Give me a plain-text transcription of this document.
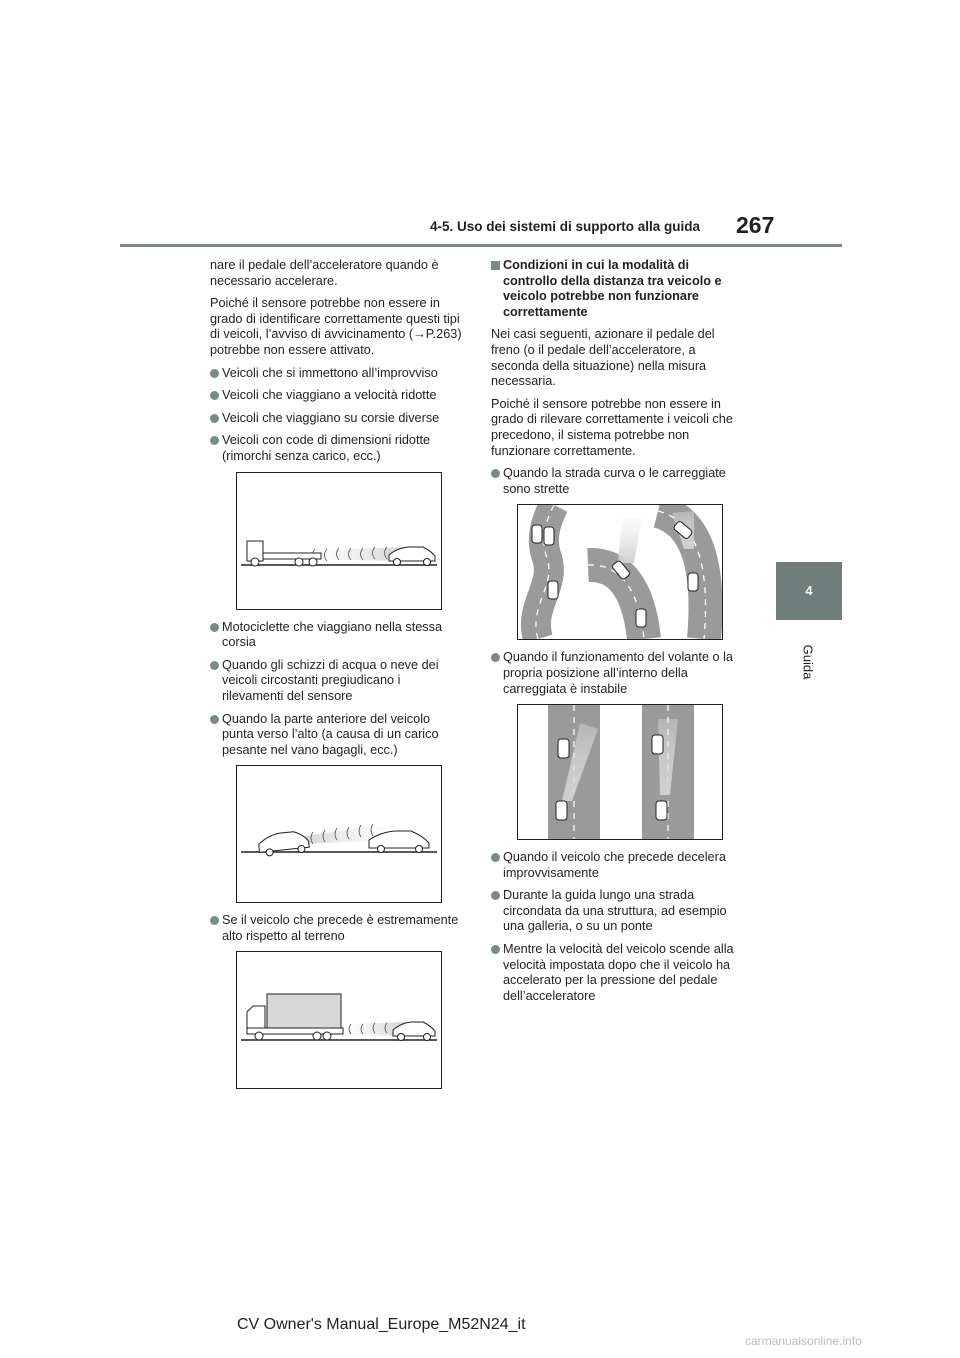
4-5. Uso dei sistemi di supporto alla guida 267
4
Guida

nare il pedale dell’acceleratore quando è necessario accelerare.

Poiché il sensore potrebbe non essere in grado di identificare correttamente questi tipi di veicoli, l’avviso di avvicinamento (→P.263) potrebbe non essere attivato.

Veicoli che si immettono all’improvviso
Veicoli che viaggiano a velocità ridotte
Veicoli che viaggiano su corsie diverse
Veicoli con code di dimensioni ridotte (rimorchi senza carico, ecc.)
Motociclette che viaggiano nella stessa corsia
Quando gli schizzi di acqua o neve dei veicoli circostanti pregiudicano i rilevamenti del sensore
Quando la parte anteriore del veicolo punta verso l’alto (a causa di un carico pesante nel vano bagagli, ecc.)
Se il veicolo che precede è estremamente alto rispetto al terreno
Condizioni in cui la modalità di controllo della distanza tra veicolo e veicolo potrebbe non funzionare correttamente

Nei casi seguenti, azionare il pedale del freno (o il pedale dell’acceleratore, a seconda della situazione) nella misura necessaria.

Poiché il sensore potrebbe non essere in grado di rilevare correttamente i veicoli che precedono, il sistema potrebbe non funzionare correttamente.

Quando la strada curva o le carreggiate sono strette
Quando il funzionamento del volante o la propria posizione all’interno della carreggiata è instabile
Quando il veicolo che precede decelera improvvisamente
Durante la guida lungo una strada circondata da una struttura, ad esempio una galleria, o su un ponte
Mentre la velocità del veicolo scende alla velocità impostata dopo che il veicolo ha accelerato per la pressione del pedale dell’acceleratore
CV Owner's Manual_Europe_M52N24_it
carmanualsonline.info
